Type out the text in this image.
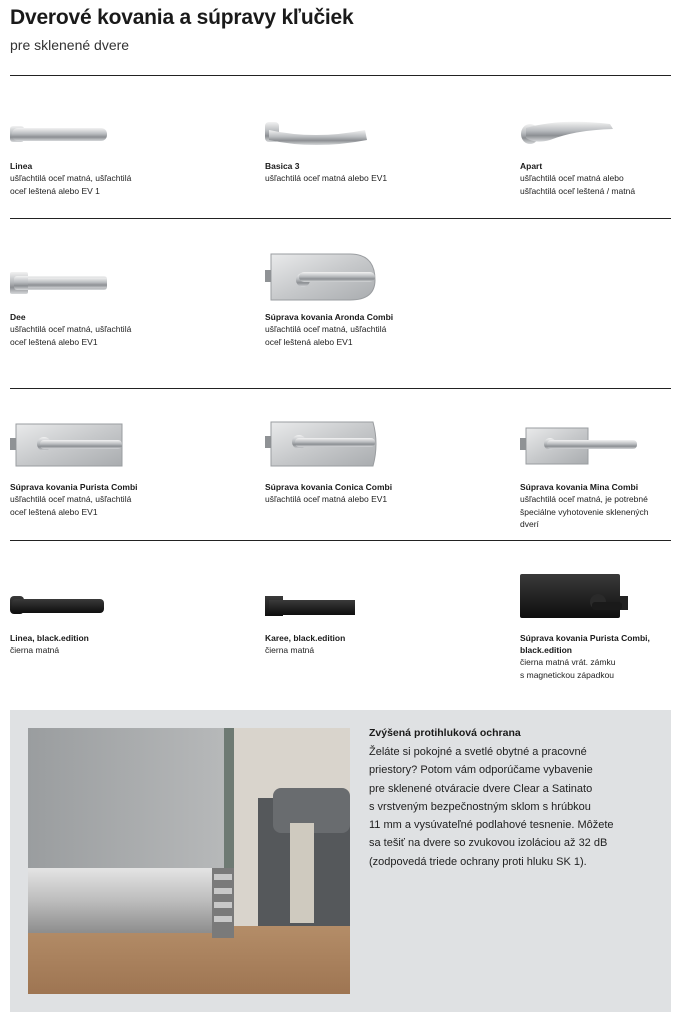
Dverové kovania a súpravy kľučiek
pre sklenené dvere
Linea
ušľachtilá oceľ matná, ušľachtilá
oceľ leštená alebo EV 1
Basica 3
ušľachtilá oceľ matná alebo EV1
Apart
ušľachtilá oceľ matná alebo
ušľachtilá oceľ leštená / matná
Dee
ušľachtilá oceľ matná, ušľachtilá
oceľ leštená alebo EV1
Súprava kovania Aronda Combi
ušľachtilá oceľ matná, ušľachtilá
oceľ leštená alebo EV1
Súprava kovania Purista Combi
ušľachtilá oceľ matná, ušľachtilá
oceľ leštená alebo EV1
Súprava kovania Conica Combi
ušľachtilá oceľ matná alebo EV1
Súprava kovania Mina Combi
ušľachtilá oceľ matná, je potrebné
špeciálne vyhotovenie sklenených
dverí
Linea, black.edition
čierna matná
Karee, black.edition
čierna matná
Súprava kovania Purista Combi,
black.edition
čierna matná vrát. zámku
s magnetickou západkou
Zvýšená protihluková ochrana
Želáte si pokojné a svetlé obytné a pracovné
priestory? Potom vám odporúčame vybavenie
pre sklenené otváracie dvere Clear a Satinato
s vrstveným bezpečnostným sklom s hrúbkou
11 mm a vysúvateľné podlahové tesnenie. Môžete
sa tešiť na dvere so zvukovou izoláciou až 32 dB
(zodpovedá triede ochrany proti hluku SK 1).
